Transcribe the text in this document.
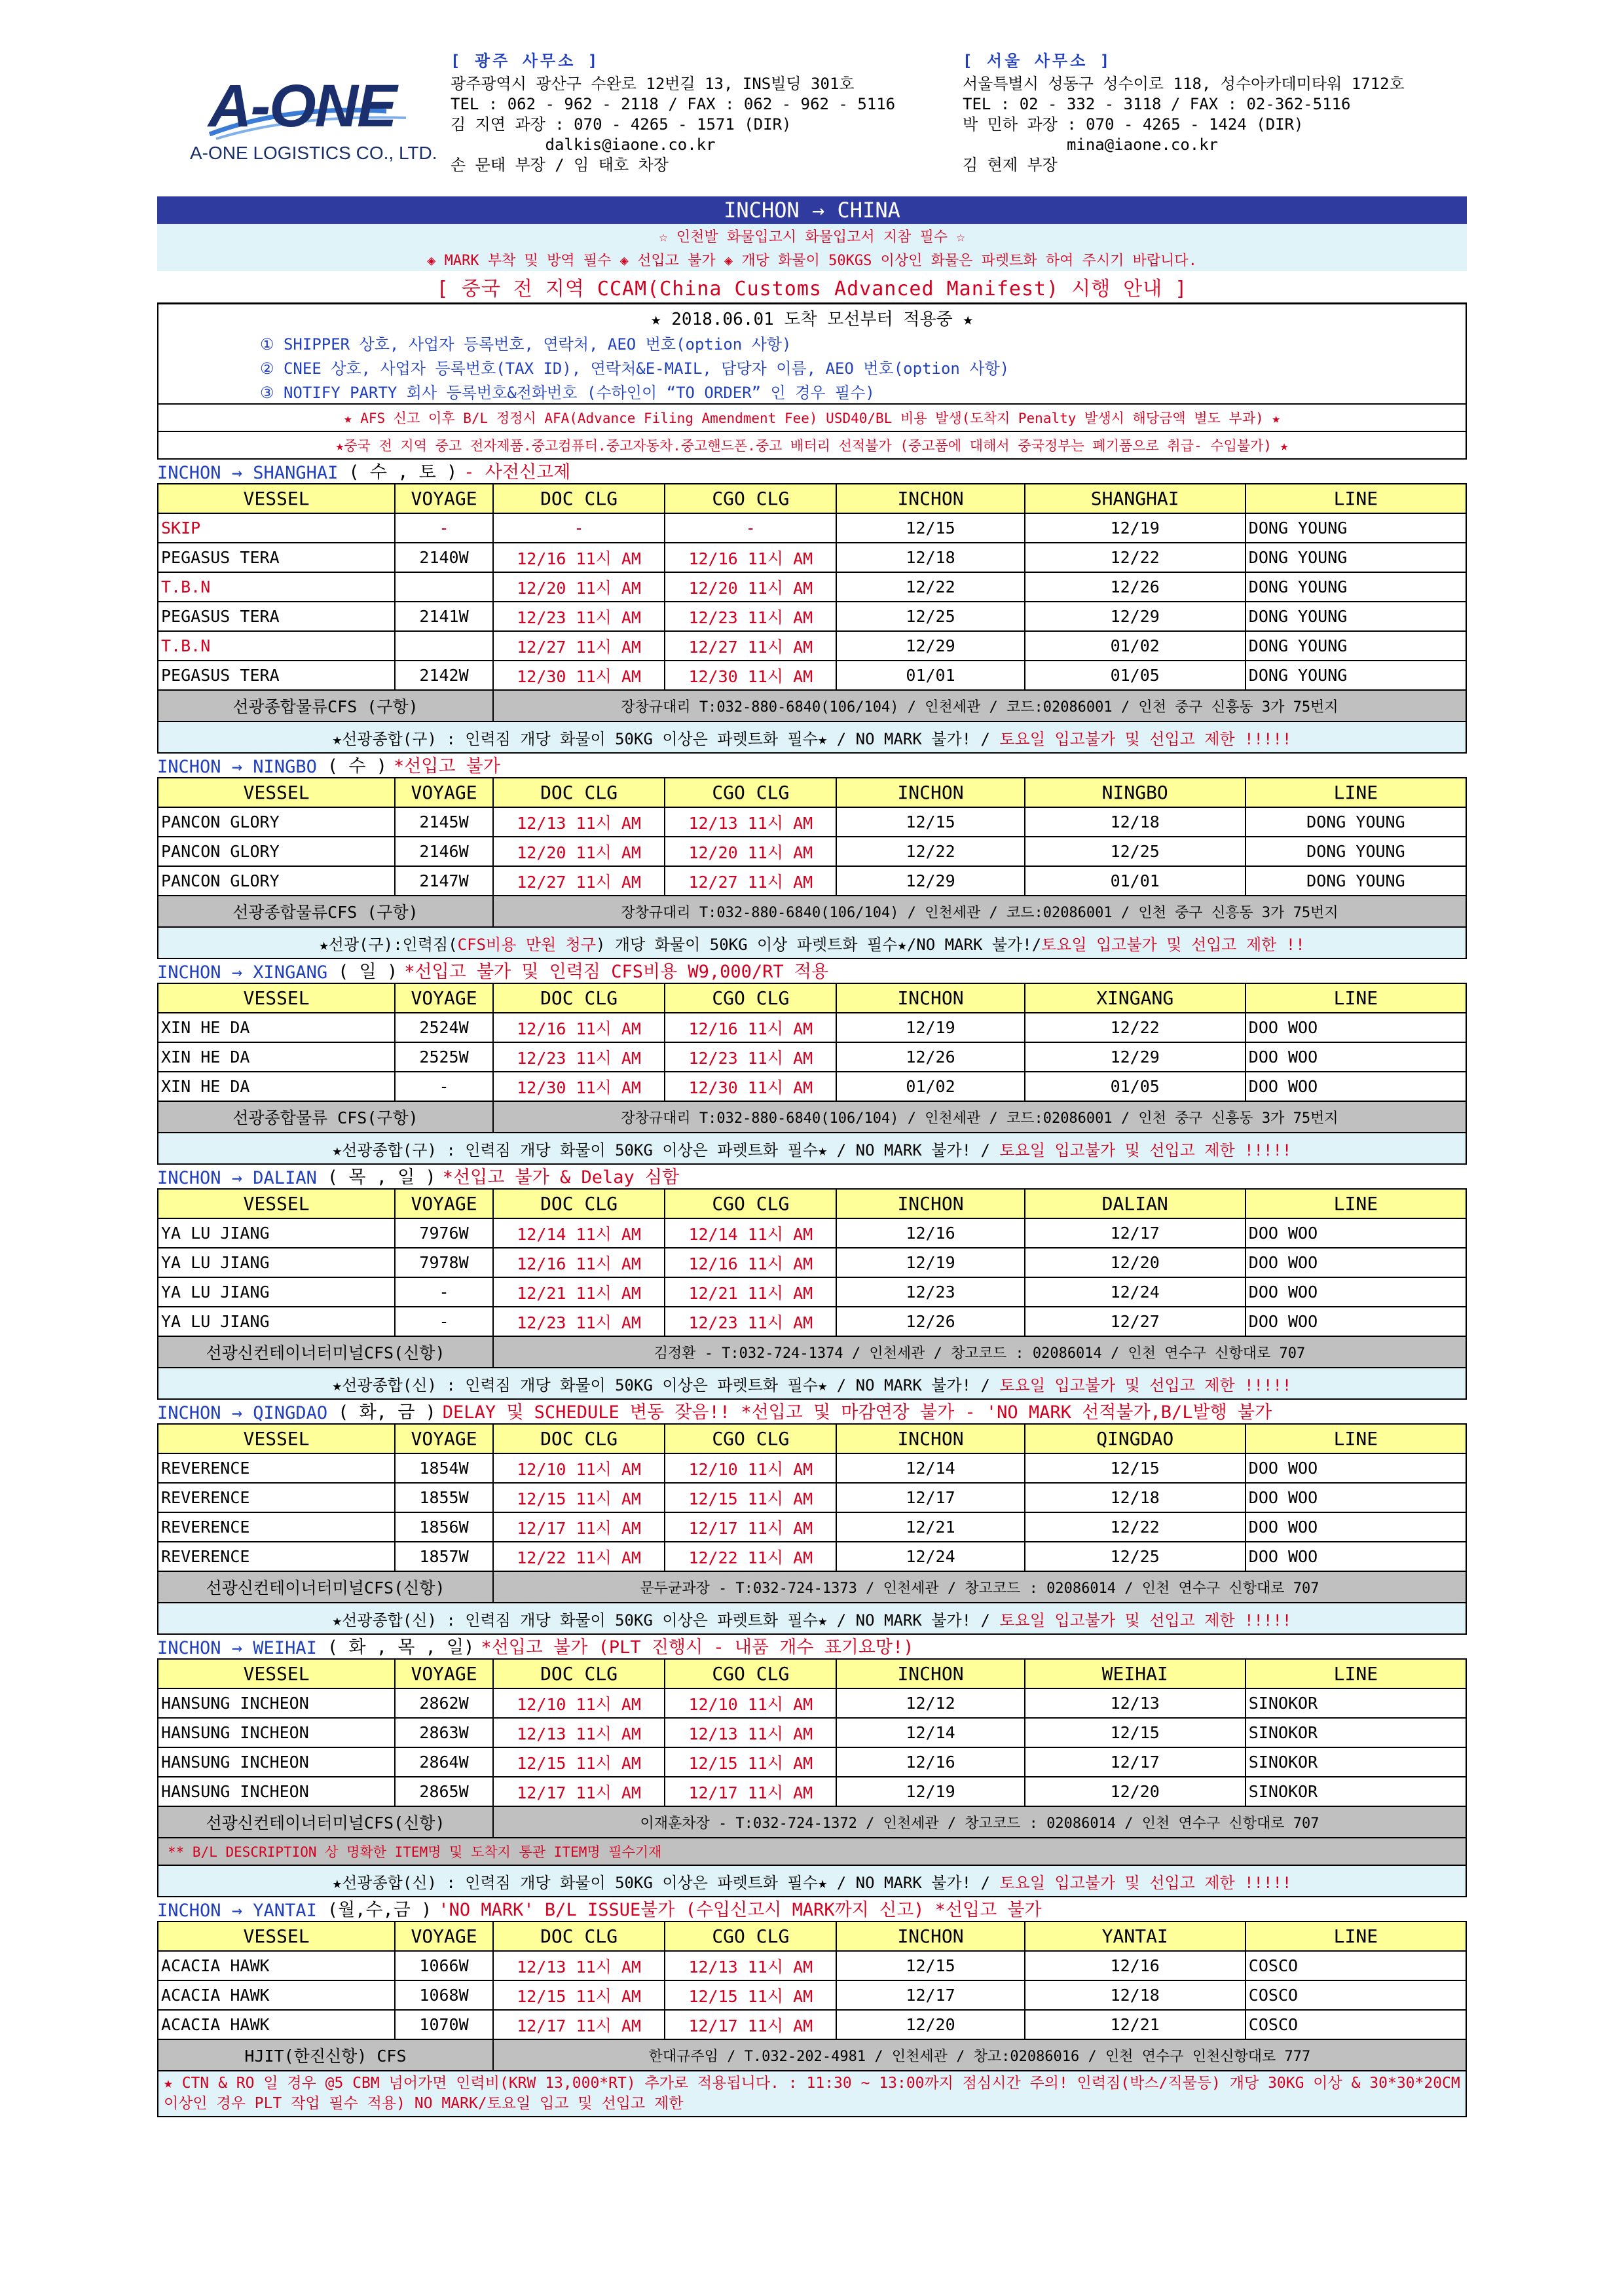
A-ONE
A-ONE LOGISTICS CO., LTD.
[ 광주 사무소 ]
광주광역시 광산구 수완로 12번길 13, INS빌딩 301호
TEL : 062 - 962 - 2118 / FAX : 062 - 962 - 5116
김 지연 과장 : 070 - 4265 - 1571 (DIR)
dalkis@iaone.co.kr
손 문태 부장 / 임 태호 차장
[ 서울 사무소 ]
서울특별시 성동구 성수이로 118, 성수아카데미타워 1712호
TEL : 02 - 332 - 3118 / FAX : 02-362-5116
박 민하 과장 : 070 - 4265 - 1424 (DIR)
mina@iaone.co.kr
김 현제 부장
INCHON → CHINA
☆ 인천발 화물입고시 화물입고서 지참 필수 ☆
◈ MARK 부착 및 방역 필수 ◈ 선입고 불가 ◈ 개당 화물이 50KGS 이상인 화물은 파렛트화 하여 주시기 바랍니다.
[ 중국 전 지역 CCAM(China Customs Advanced Manifest) 시행 안내 ]
★ 2018.06.01 도착 모선부터 적용중 ★
① SHIPPER 상호, 사업자 등록번호, 연락처, AEO 번호(option 사항)
② CNEE 상호, 사업자 등록번호(TAX ID), 연락처&E-MAIL, 담당자 이름, AEO 번호(option 사항)
③ NOTIFY PARTY 회사 등록번호&전화번호 (수하인이 “TO ORDER” 인 경우 필수)
★ AFS 신고 이후 B/L 정정시 AFA(Advance Filing Amendment Fee) USD40/BL 비용 발생(도착지 Penalty 발생시 해당금액 별도 부과) ★
★중국 전 지역 중고 전자제품.중고컴퓨터.중고자동차.중고핸드폰.중고 배터리 선적불가 (중고품에 대해서 중국정부는 폐기품으로 취급- 수입불가) ★
INCHON → SHANGHAI ( 수 , 토 ) - 사전신고제
VESSEL	VOYAGE	DOC CLG	CGO CLG	INCHON	SHANGHAI	LINE
SKIP	-	-	-	12/15	12/19	DONG YOUNG
PEGASUS TERA	2140W	12/16 11시 AM	12/16 11시 AM	12/18	12/22	DONG YOUNG
T.B.N		12/20 11시 AM	12/20 11시 AM	12/22	12/26	DONG YOUNG
PEGASUS TERA	2141W	12/23 11시 AM	12/23 11시 AM	12/25	12/29	DONG YOUNG
T.B.N		12/27 11시 AM	12/27 11시 AM	12/29	01/02	DONG YOUNG
PEGASUS TERA	2142W	12/30 11시 AM	12/30 11시 AM	01/01	01/05	DONG YOUNG
선광종합물류CFS (구항)		장창규대리 T:032-880-6840(106/104) / 인천세관 / 코드:02086001 / 인천 중구 신흥동 3가 75번지				
★선광종합(구) : 인력짐 개당 화물이 50KG 이상은 파렛트화 필수★ / NO MARK 불가! / 토요일 입고불가 및 선입고 제한 !!!!!						
INCHON → NINGBO ( 수 ) *선입고 불가
VESSEL	VOYAGE	DOC CLG	CGO CLG	INCHON	NINGBO	LINE
PANCON GLORY	2145W	12/13 11시 AM	12/13 11시 AM	12/15	12/18	DONG YOUNG
PANCON GLORY	2146W	12/20 11시 AM	12/20 11시 AM	12/22	12/25	DONG YOUNG
PANCON GLORY	2147W	12/27 11시 AM	12/27 11시 AM	12/29	01/01	DONG YOUNG
선광종합물류CFS (구항)		장창규대리 T:032-880-6840(106/104) / 인천세관 / 코드:02086001 / 인천 중구 신흥동 3가 75번지				
★선광(구):인력짐(CFS비용 만원 청구) 개당 화물이 50KG 이상 파렛트화 필수★/NO MARK 불가!/토요일 입고불가 및 선입고 제한 !!						
INCHON → XINGANG ( 일 ) *선입고 불가 및 인력짐 CFS비용 W9,000/RT 적용
VESSEL	VOYAGE	DOC CLG	CGO CLG	INCHON	XINGANG	LINE
XIN HE DA	2524W	12/16 11시 AM	12/16 11시 AM	12/19	12/22	DOO WOO
XIN HE DA	2525W	12/23 11시 AM	12/23 11시 AM	12/26	12/29	DOO WOO
XIN HE DA	-	12/30 11시 AM	12/30 11시 AM	01/02	01/05	DOO WOO
선광종합물류 CFS(구항)		장창규대리 T:032-880-6840(106/104) / 인천세관 / 코드:02086001 / 인천 중구 신흥동 3가 75번지				
★선광종합(구) : 인력짐 개당 화물이 50KG 이상은 파렛트화 필수★ / NO MARK 불가! / 토요일 입고불가 및 선입고 제한 !!!!!						
INCHON → DALIAN ( 목 , 일 ) *선입고 불가 & Delay 심함
VESSEL	VOYAGE	DOC CLG	CGO CLG	INCHON	DALIAN	LINE
YA LU JIANG	7976W	12/14 11시 AM	12/14 11시 AM	12/16	12/17	DOO WOO
YA LU JIANG	7978W	12/16 11시 AM	12/16 11시 AM	12/19	12/20	DOO WOO
YA LU JIANG	-	12/21 11시 AM	12/21 11시 AM	12/23	12/24	DOO WOO
YA LU JIANG	-	12/23 11시 AM	12/23 11시 AM	12/26	12/27	DOO WOO
선광신컨테이너터미널CFS(신항)		김정환 - T:032-724-1374 / 인천세관 / 창고코드 : 02086014 / 인천 연수구 신항대로 707				
★선광종합(신) : 인력짐 개당 화물이 50KG 이상은 파렛트화 필수★ / NO MARK 불가! / 토요일 입고불가 및 선입고 제한 !!!!!						
INCHON → QINGDAO ( 화, 금 ) DELAY 및 SCHEDULE 변동 잦음!! *선입고 및 마감연장 불가 - 'NO MARK 선적불가,B/L발행 불가
VESSEL	VOYAGE	DOC CLG	CGO CLG	INCHON	QINGDAO	LINE
REVERENCE	1854W	12/10 11시 AM	12/10 11시 AM	12/14	12/15	DOO WOO
REVERENCE	1855W	12/15 11시 AM	12/15 11시 AM	12/17	12/18	DOO WOO
REVERENCE	1856W	12/17 11시 AM	12/17 11시 AM	12/21	12/22	DOO WOO
REVERENCE	1857W	12/22 11시 AM	12/22 11시 AM	12/24	12/25	DOO WOO
선광신컨테이너터미널CFS(신항)		문두균과장 - T:032-724-1373 / 인천세관 / 창고코드 : 02086014 / 인천 연수구 신항대로 707				
★선광종합(신) : 인력짐 개당 화물이 50KG 이상은 파렛트화 필수★ / NO MARK 불가! / 토요일 입고불가 및 선입고 제한 !!!!!						
INCHON → WEIHAI ( 화 , 목 , 일) *선입고 불가 (PLT 진행시 - 내품 개수 표기요망!)
VESSEL	VOYAGE	DOC CLG	CGO CLG	INCHON	WEIHAI	LINE
HANSUNG INCHEON	2862W	12/10 11시 AM	12/10 11시 AM	12/12	12/13	SINOKOR
HANSUNG INCHEON	2863W	12/13 11시 AM	12/13 11시 AM	12/14	12/15	SINOKOR
HANSUNG INCHEON	2864W	12/15 11시 AM	12/15 11시 AM	12/16	12/17	SINOKOR
HANSUNG INCHEON	2865W	12/17 11시 AM	12/17 11시 AM	12/19	12/20	SINOKOR
선광신컨테이너터미널CFS(신항)		이재훈차장 - T:032-724-1372 / 인천세관 / 창고코드 : 02086014 / 인천 연수구 신항대로 707				
** B/L DESCRIPTION 상 명확한 ITEM명 및 도착지 통관 ITEM명 필수기재						
★선광종합(신) : 인력짐 개당 화물이 50KG 이상은 파렛트화 필수★ / NO MARK 불가! / 토요일 입고불가 및 선입고 제한 !!!!!						
INCHON → YANTAI (월,수,금 ) 'NO MARK' B/L ISSUE불가 (수입신고시 MARK까지 신고) *선입고 불가
VESSEL	VOYAGE	DOC CLG	CGO CLG	INCHON	YANTAI	LINE
ACACIA HAWK	1066W	12/13 11시 AM	12/13 11시 AM	12/15	12/16	COSCO
ACACIA HAWK	1068W	12/15 11시 AM	12/15 11시 AM	12/17	12/18	COSCO
ACACIA HAWK	1070W	12/17 11시 AM	12/17 11시 AM	12/20	12/21	COSCO
HJIT(한진신항) CFS		한대규주임 / T.032-202-4981 / 인천세관 / 창고:02086016 / 인천 연수구 인천신항대로 777				
★ CTN & RO 일 경우 @5 CBM 넘어가면 인력비(KRW 13,000*RT) 추가로 적용됩니다. : 11:30 ~ 13:00까지 점심시간 주의! 인력짐(박스/직물등) 개당 30KG 이상 & 30*30*20CM 이상인 경우 PLT 작업 필수 적용) NO MARK/토요일 입고 및 선입고 제한						
